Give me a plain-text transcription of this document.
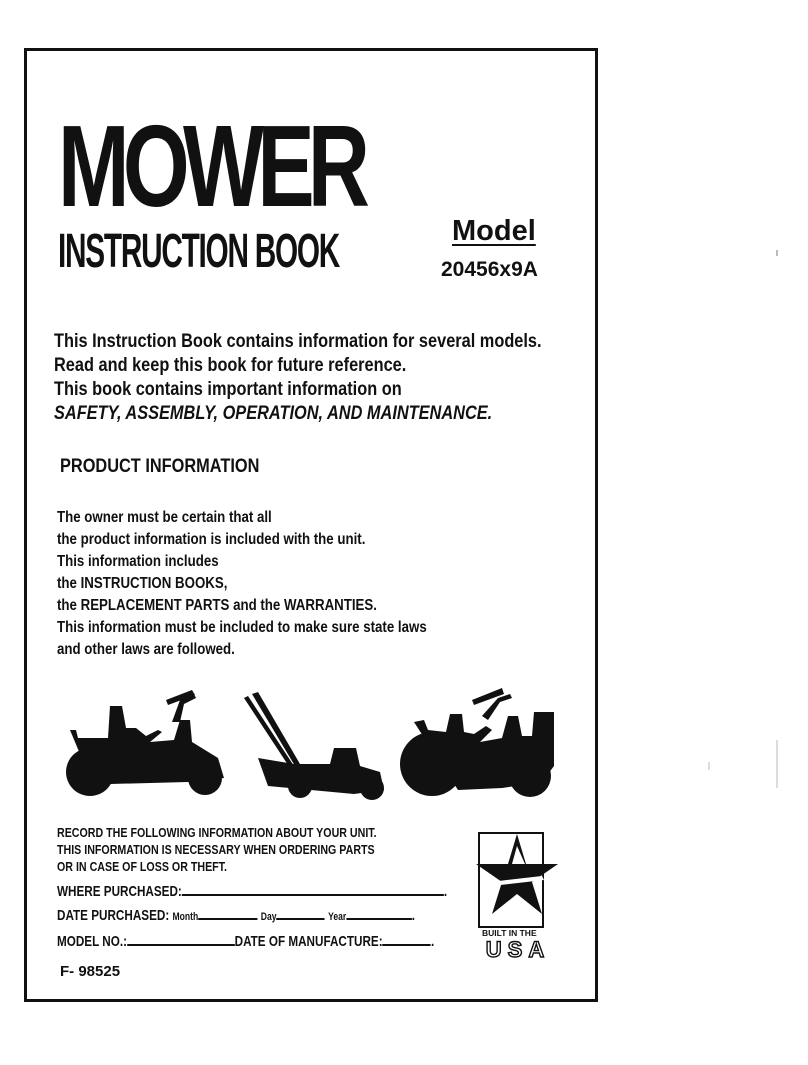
MOWER
INSTRUCTION BOOK	Model
20456x9A
This Instruction Book contains information for several models.
Read and keep this book for future reference.
This book contains important information on
SAFETY, ASSEMBLY, OPERATION, AND MAINTENANCE.
PRODUCT INFORMATION
The owner must be certain that all
the product information is included with the unit.
This information includes
the INSTRUCTION BOOKS,
the REPLACEMENT PARTS and the WARRANTIES.
This information must be included to make sure state laws
and other laws are followed.
RECORD THE FOLLOWING INFORMATION ABOUT YOUR UNIT.
THIS INFORMATION IS NECESSARY WHEN ORDERING PARTS
OR IN CASE OF LOSS OR THEFT.
WHERE PURCHASED:	.
DATE PURCHASED: Month	Day	Year	.
MODEL NO.:	DATE OF MANUFACTURE:	.
F- 98525
BUILT IN THE
USA
